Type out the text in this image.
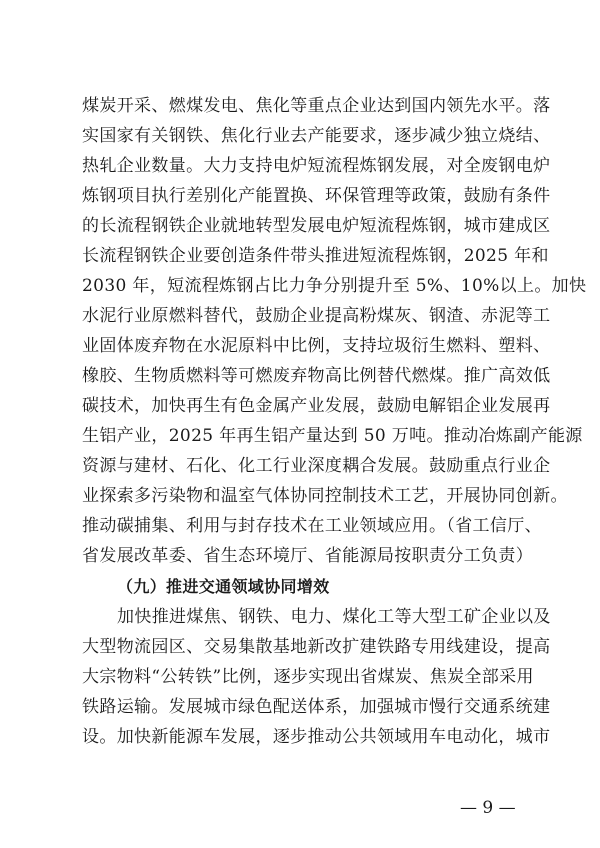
煤炭开采、燃煤发电、焦化等重点企业达到国内领先水平。落
实国家有关钢铁、焦化行业去产能要求，逐步减少独立烧结、
热轧企业数量。大力支持电炉短流程炼钢发展，对全废钢电炉
炼钢项目执行差别化产能置换、环保管理等政策，鼓励有条件
的长流程钢铁企业就地转型发展电炉短流程炼钢，城市建成区
长流程钢铁企业要创造条件带头推进短流程炼钢，2025 年和
2030 年，短流程炼钢占比力争分别提升至 5%、10%以上。加快
水泥行业原燃料替代，鼓励企业提高粉煤灰、钢渣、赤泥等工
业固体废弃物在水泥原料中比例，支持垃圾衍生燃料、塑料、
橡胶、生物质燃料等可燃废弃物高比例替代燃煤。推广高效低
碳技术，加快再生有色金属产业发展，鼓励电解铝企业发展再
生铝产业，2025 年再生铝产量达到 50 万吨。推动冶炼副产能源
资源与建材、石化、化工行业深度耦合发展。鼓励重点行业企
业探索多污染物和温室气体协同控制技术工艺，开展协同创新。
推动碳捕集、利用与封存技术在工业领域应用。（省工信厅、
省发展改革委、省生态环境厅、省能源局按职责分工负责）
（九）推进交通领域协同增效
加快推进煤焦、钢铁、电力、煤化工等大型工矿企业以及
大型物流园区、交易集散基地新改扩建铁路专用线建设，提高
大宗物料“公转铁”比例，逐步实现出省煤炭、焦炭全部采用
铁路运输。发展城市绿色配送体系，加强城市慢行交通系统建
设。加快新能源车发展，逐步推动公共领域用车电动化，城市
— 9 —
